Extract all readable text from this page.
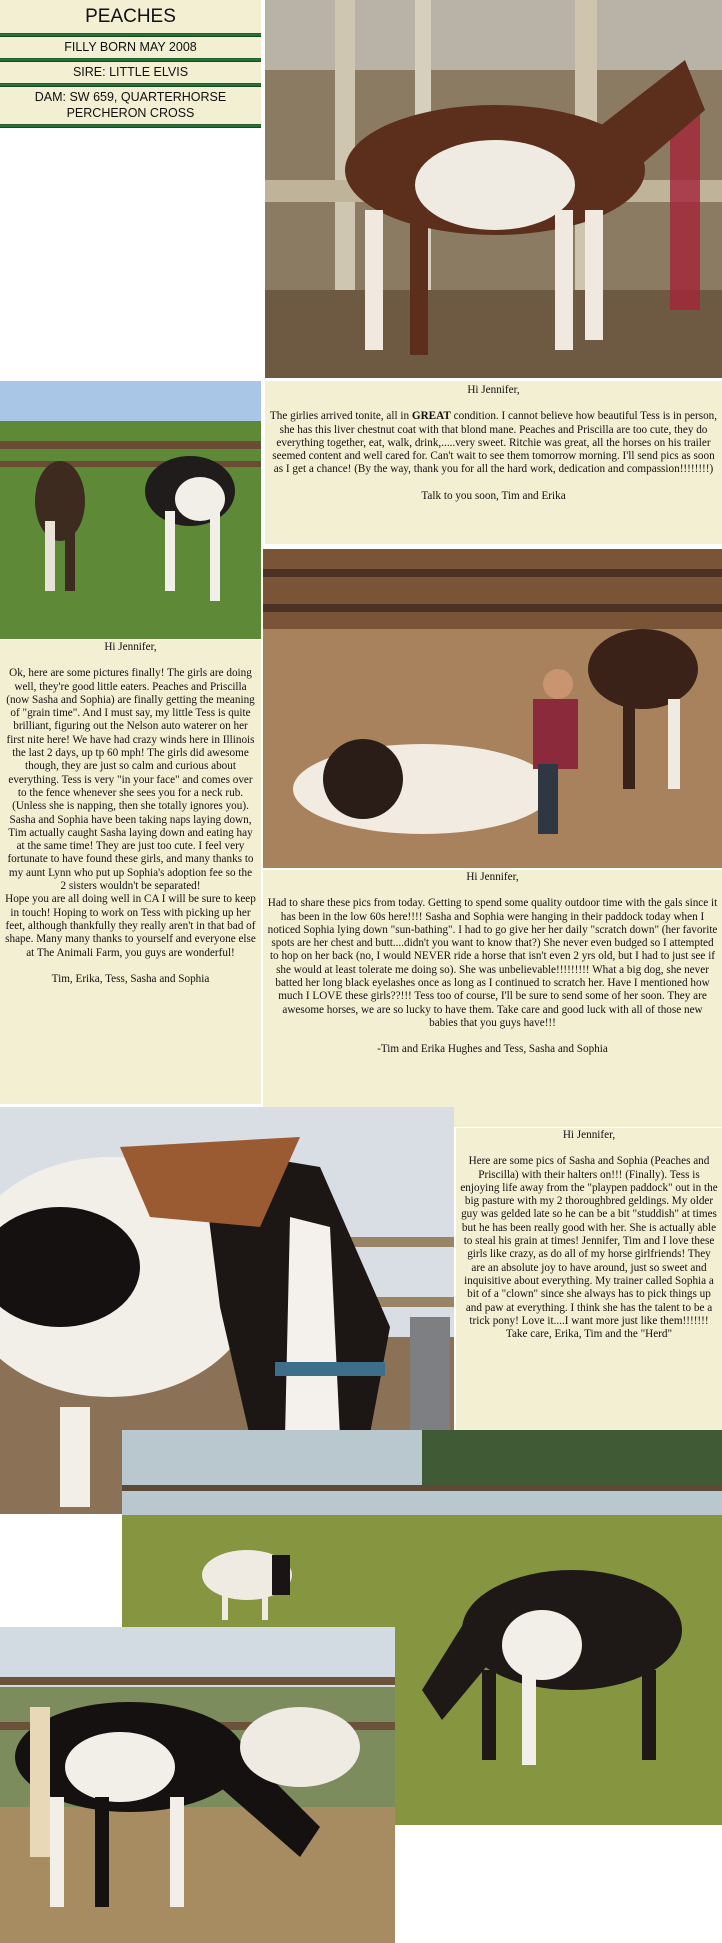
PEACHES
FILLY BORN MAY 2008
SIRE: LITTLE ELVIS
DAM: SW 659, QUARTERHORSE
PERCHERON CROSS

Hi Jennifer,

The girlies arrived tonite, all in GREAT condition. I cannot believe how beautiful Tess is in person, she has this liver chestnut coat with that blond mane. Peaches and Priscilla are too cute, they do everything together, eat, walk, drink,.....very sweet. Ritchie was great, all the horses on his trailer seemed content and well cared for. Can't wait to see them tomorrow morning. I'll send pics as soon as I get a chance! (By the way, thank you for all the hard work, dedication and compassion!!!!!!!!)

Talk to you soon, Tim and Erika

Hi Jennifer,

Ok, here are some pictures finally! The girls are doing well, they're good little eaters. Peaches and Priscilla (now Sasha and Sophia) are finally getting the meaning of "grain time". And I must say, my little Tess is quite brilliant, figuring out the Nelson auto waterer on her first nite here! We have had crazy winds here in Illinois the last 2 days, up tp 60 mph! The girls did awesome though, they are just so calm and curious about everything. Tess is very "in your face" and comes over to the fence whenever she sees you for a neck rub. (Unless she is napping, then she totally ignores you). Sasha and Sophia have been taking naps laying down, Tim actually caught Sasha laying down and eating hay at the same time! They are just too cute. I feel very fortunate to have found these girls, and many thanks to my aunt Lynn who put up Sophia's adoption fee so the 2 sisters wouldn't be separated!

Hope you are all doing well in CA I will be sure to keep in touch! Hoping to work on Tess with picking up her feet, although thankfully they really aren't in that bad of shape. Many many thanks to yourself and everyone else at The Animali Farm, you guys are wonderful!

Tim, Erika, Tess, Sasha and Sophia

Hi Jennifer,

Had to share these pics from today. Getting to spend some quality outdoor time with the gals since it has been in the low 60s here!!!! Sasha and Sophia were hanging in their paddock today when I noticed Sophia lying down "sun-bathing". I had to go give her her daily "scratch down" (her favorite spots are her chest and butt....didn't you want to know that?) She never even budged so I attempted to hop on her back (no, I would NEVER ride a horse that isn't even 2 yrs old, but I had to just see if she would at least tolerate me doing so). She was unbelievable!!!!!!!!! What a big dog, she never batted her long black eyelashes once as long as I continued to scratch her. Have I mentioned how much I LOVE these girls??!!! Tess too of course, I'll be sure to send some of her soon. They are awesome horses, we are so lucky to have them. Take care and good luck with all of those new babies that you guys have!!!

-Tim and Erika Hughes and Tess, Sasha and Sophia

Hi Jennifer,

Here are some pics of Sasha and Sophia (Peaches and Priscilla) with their halters on!!! (Finally). Tess is enjoying life away from the "playpen paddock" out in the big pasture with my 2 thoroughbred geldings. My older guy was gelded late so he can be a bit "studdish" at times but he has been really good with her. She is actually able to steal his grain at times! Jennifer, Tim and I love these girls like crazy, as do all of my horse girlfriends! They are an absolute joy to have around, just so sweet and inquisitive about everything. My trainer called Sophia a bit of a "clown" since she always has to pick things up and paw at everything. I think she has the talent to be a trick pony! Love it....I want more just like them!!!!!!!

Take care, Erika, Tim and the "Herd"
